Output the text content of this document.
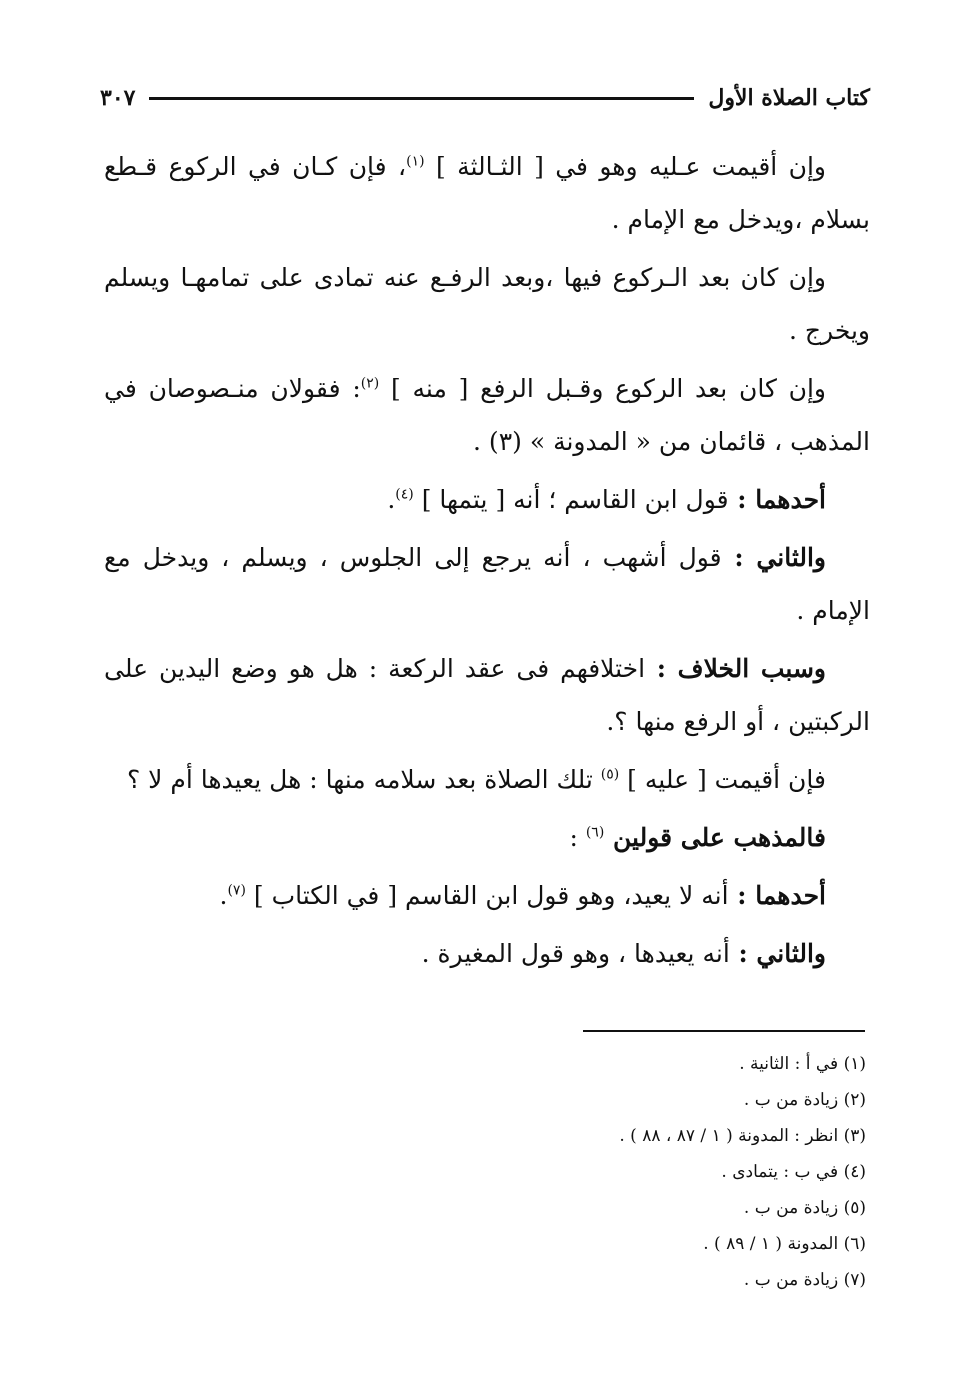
كتاب الصلاة الأول
٣٠٧

وإن أقيمت عـليه وهو في [ الثـالثة ] $^{(١)}$، فإن كـان في الركوع قـطع بسلام ،ويدخل مع الإمام .

وإن كان بعد الـركوع فيها ،وبعد الرفـع عنه تمادى على تمامهـا ويسلم ويخرج .

وإن كان بعد الركوع وقـبل الرفع [ منه ] $^{(٢)}$: فقولان منـصوصان في المذهب ، قائمان من « المدونة » (٣) .

أحدهما : قول ابن القاسم ؛ أنه [ يتمها ] $^{(٤)}$.

والثاني : قول أشهب ، أنه يرجع إلى الجلوس ، ويسلم ، ويدخل مع الإمام .

وسبب الخلاف : اختلافهم فى عقد الركعة : هل هو وضع اليدين على الركبتين ، أو الرفع منها ؟.

فإن أقيمت [ عليه ] $^{(٥)}$ تلك الصلاة بعد سلامه منها : هل يعيدها أم لا ؟

فالمذهب على قولين $^{(٦)}$ :

أحدهما : أنه لا يعيد، وهو قول ابن القاسم [ في الكتاب ] $^{(٧)}$.

والثاني : أنه يعيدها ، وهو قول المغيرة .

(١) في أ : الثانية .
(٢) زيادة من ب .
(٣) انظر : المدونة ( ١ / ٨٧ ، ٨٨ ) .
(٤) في ب : يتمادى .
(٥) زيادة من ب .
(٦) المدونة ( ١ / ٨٩ ) .
(٧) زيادة من ب .
